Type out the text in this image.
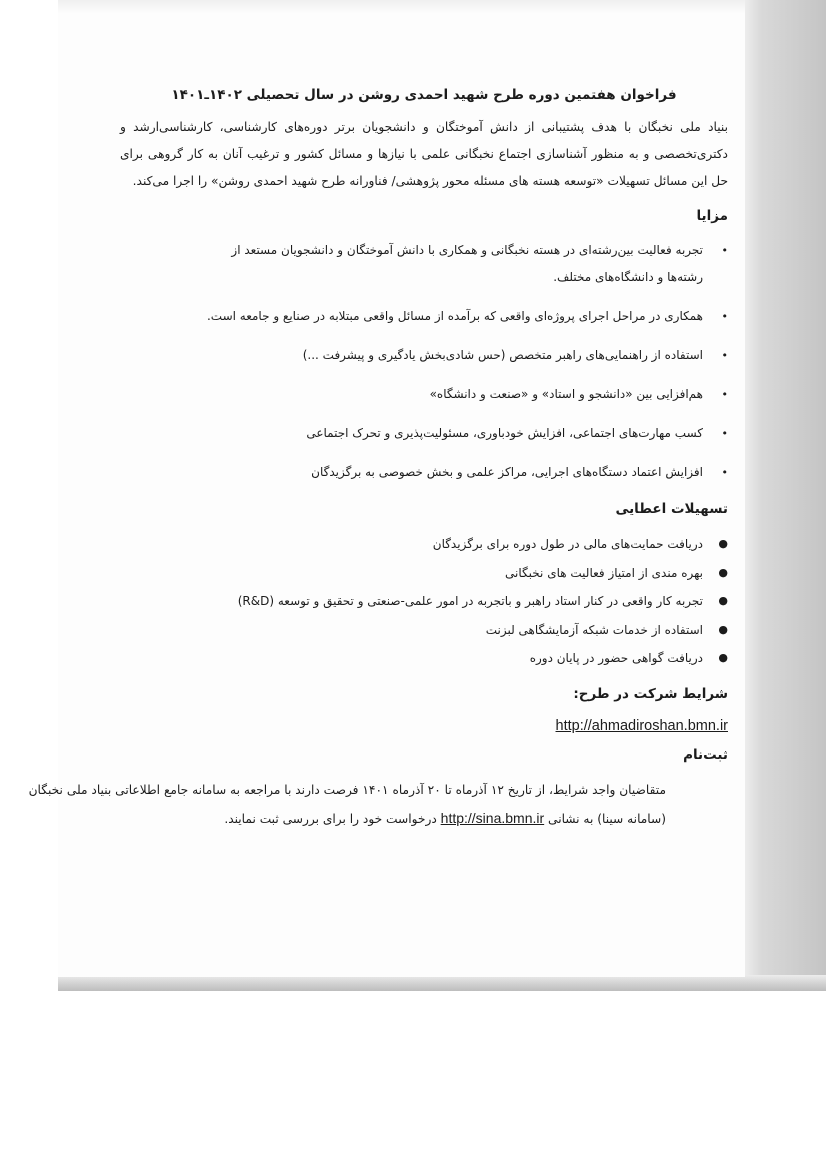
فراخوان هفتمین دوره طرح شهید احمدی روشن در سال تحصیلی ۱۴۰۲ـ۱۴۰۱

بنیاد ملی نخبگان با هدف پشتیبانی از دانش آموختگان و دانشجویان برتر دوره‌های کارشناسی، کارشناسی‌ارشد و دکتری‌تخصصی و به منظور آشناسازی اجتماع نخبگانی علمی با نیازها و مسائل کشور و ترغیب آنان به کار گروهی برای حل این مسائل تسهیلات «توسعه هسته های مسئله محور پژوهشی/ فناورانه طرح شهید احمدی روشن» را اجرا می‌کند.

مزایا
•
تجربه فعالیت بین‌رشته‌ای در هسته نخبگانی و همکاری با دانش آموختگان و دانشجویان مستعد از رشته‌ها و دانشگاه‌های مختلف.
•
همکاری در مراحل اجرای پروژه‌ای واقعی که برآمده از مسائل واقعی مبتلابه در صنایع و جامعه است.
•
استفاده از راهنمایی‌های راهبر متخصص (حس شادی‌بخش یادگیری و پیشرفت ...)
•
هم‌افزایی بین «دانشجو و استاد» و «صنعت و دانشگاه»
•
کسب مهارت‌های اجتماعی، افزایش خودباوری، مسئولیت‌پذیری و تحرک اجتماعی
•
افزایش اعتماد دستگاه‌های اجرایی، مراکز علمی و بخش خصوصی به برگزیدگان
تسهیلات اعطایی
●
دریافت حمایت‌های مالی در طول دوره برای برگزیدگان
●
بهره مندی از امتیاز فعالیت های نخبگانی
●
تجربه کار واقعی در کنار استاد راهبر و باتجربه در امور علمی-صنعتی و تحقیق و توسعه (R&D)
●
استفاده از خدمات شبکه آزمایشگاهی لبزنت
●
دریافت گواهی حضور در پایان دوره
شرایط شرکت در طرح:
http://ahmadiroshan.bmn.ir
ثبت‌نام

متقاضیان واجد شرایط، از تاریخ ۱۲ آذرماه تا ۲۰ آذرماه ۱۴۰۱ فرصت دارند با مراجعه به سامانه جامع اطلاعاتی بنیاد ملی نخبگان (سامانه سینا) به نشانی http://sina.bmn.ir درخواست خود را برای بررسی ثبت نمایند.
